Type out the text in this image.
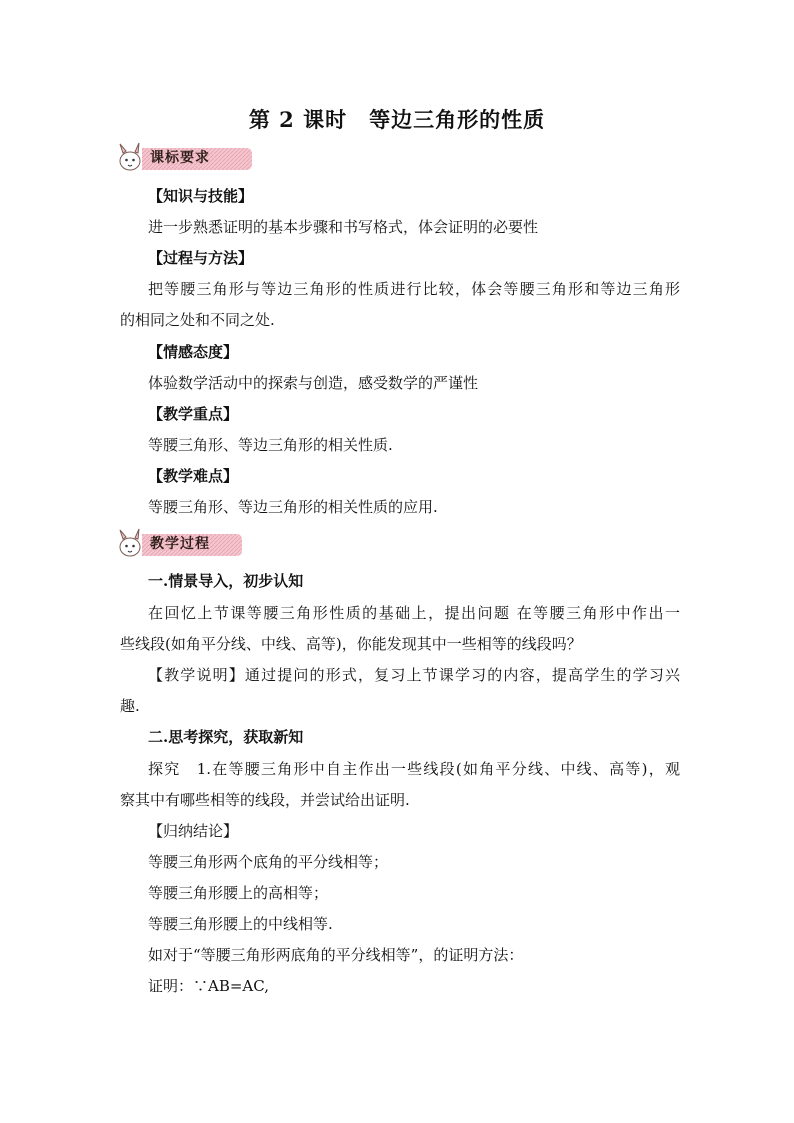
第 2 课时　等边三角形的性质
课标要求
【知识与技能】
进一步熟悉证明的基本步骤和书写格式，体会证明的必要性
【过程与方法】
把等腰三角形与等边三角形的性质进行比较，体会等腰三角形和等边三角形
的相同之处和不同之处.
【情感态度】
体验数学活动中的探索与创造，感受数学的严谨性
【教学重点】
等腰三角形、等边三角形的相关性质.
【教学难点】
等腰三角形、等边三角形的相关性质的应用.
教学过程
一.情景导入，初步认知
在回忆上节课等腰三角形性质的基础上，提出问题 在等腰三角形中作出一
些线段(如角平分线、中线、高等)，你能发现其中一些相等的线段吗？
【教学说明】通过提问的形式，复习上节课学习的内容，提高学生的学习兴
趣.
二.思考探究，获取新知
探究　1.在等腰三角形中自主作出一些线段(如角平分线、中线、高等)，观
察其中有哪些相等的线段，并尝试给出证明.
【归纳结论】
等腰三角形两个底角的平分线相等；
等腰三角形腰上的高相等；
等腰三角形腰上的中线相等.
如对于“等腰三角形两底角的平分线相等”，的证明方法：
证明：∵AB=AC,
